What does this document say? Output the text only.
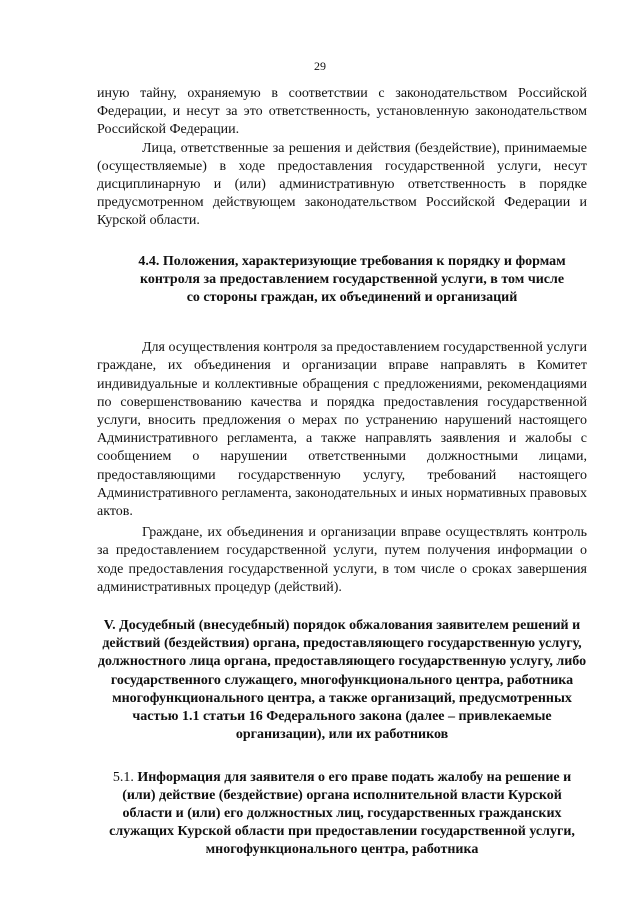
29

иную тайну, охраняемую в соответствии с законодательством Российской Федерации, и несут за это ответственность, установленную законодательством Российской Федерации.

Лица, ответственные за решения и действия (бездействие), принимаемые (осуществляемые) в ходе предоставления государственной услуги, несут дисциплинарную и (или) административную ответственность в порядке предусмотренном действующем законодательством Российской Федерации и Курской области.

4.4. Положения, характеризующие требования к порядку и формам контроля за предоставлением государственной услуги, в том числе со стороны граждан, их объединений и организаций

Для осуществления контроля за предоставлением государственной услуги граждане, их объединения и организации вправе направлять в Комитет индивидуальные и коллективные обращения с предложениями, рекомендациями по совершенствованию качества и порядка предоставления государственной услуги, вносить предложения о мерах по устранению нарушений настоящего Административного регламента, а также направлять заявления и жалобы с сообщением о нарушении ответственными должностными лицами, предоставляющими государственную услугу, требований настоящего Административного регламента, законодательных и иных нормативных правовых актов.

Граждане, их объединения и организации вправе осуществлять контроль за предоставлением государственной услуги, путем получения информации о ходе предоставления государственной услуги, в том числе о сроках завершения административных процедур (действий).

V. Досудебный (внесудебный) порядок обжалования заявителем решений и действий (бездействия) органа, предоставляющего государственную услугу, должностного лица органа, предоставляющего государственную услугу, либо государственного служащего, многофункционального центра, работника многофункционального центра, а также организаций, предусмотренных частью 1.1 статьи 16 Федерального закона (далее – привлекаемые организации), или их работников
5.1. Информация для заявителя о его праве подать жалобу на решение и (или) действие (бездействие) органа исполнительной власти Курской области и (или) его должностных лиц, государственных гражданских служащих Курской области при предоставлении государственной услуги, многофункционального центра, работника
